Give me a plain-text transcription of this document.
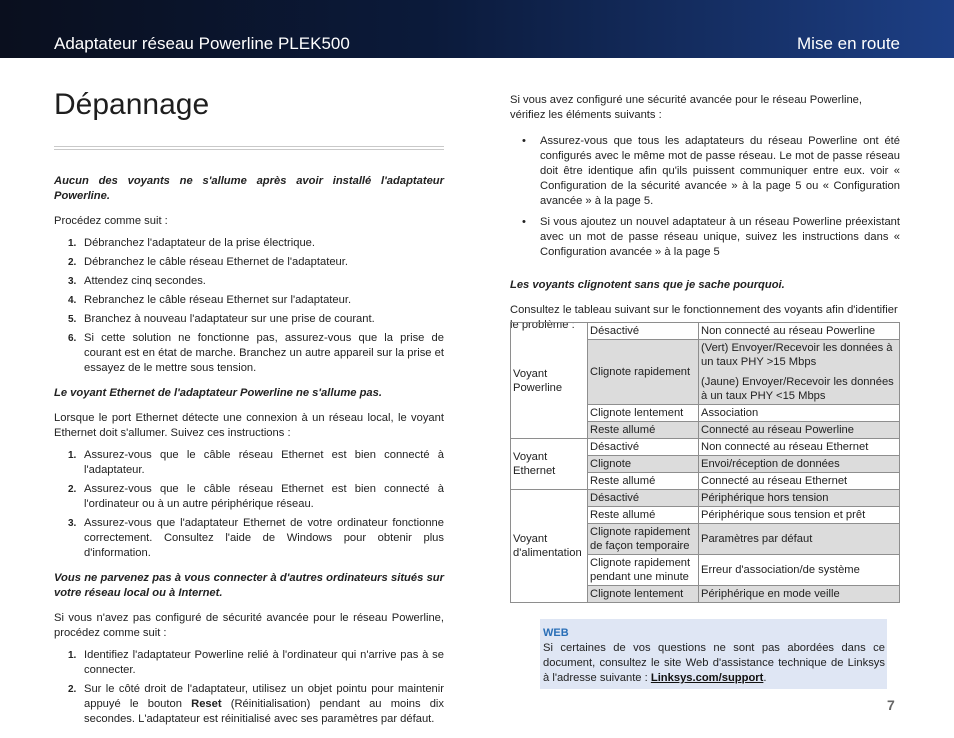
Adaptateur réseau Powerline PLEK500	Mise en route
Dépannage

Aucun des voyants ne s'allume après avoir installé l'adaptateur Powerline.

Procédez comme suit :

1. Débranchez l'adaptateur de la prise électrique.
2. Débranchez le câble réseau Ethernet de l'adaptateur.
3. Attendez cinq secondes.
4. Rebranchez le câble réseau Ethernet sur l'adaptateur.
5. Branchez à nouveau l'adaptateur sur une prise de courant.
6. Si cette solution ne fonctionne pas, assurez-vous que la prise de courant est en état de marche. Branchez un autre appareil sur la prise et essayez de le mettre sous tension.

Le voyant Ethernet de l'adaptateur Powerline ne s'allume pas.

Lorsque le port Ethernet détecte une connexion à un réseau local, le voyant Ethernet doit s'allumer. Suivez ces instructions :

1. Assurez-vous que le câble réseau Ethernet est bien connecté à l'adaptateur.
2. Assurez-vous que le câble réseau Ethernet est bien connecté à l'ordinateur ou à un autre périphérique réseau.
3. Assurez-vous que l'adaptateur Ethernet de votre ordinateur fonctionne correctement. Consultez l'aide de Windows pour obtenir plus d'information.

Vous ne parvenez pas à vous connecter à d'autres ordinateurs situés sur votre réseau local ou à Internet.

Si vous n'avez pas configuré de sécurité avancée pour le réseau Powerline, procédez comme suit :

1. Identifiez l'adaptateur Powerline relié à l'ordinateur qui n'arrive pas à se connecter.
2. Sur le côté droit de l'adaptateur, utilisez un objet pointu pour maintenir appuyé le bouton Reset (Réinitialisation) pendant au moins dix secondes. L'adaptateur est réinitialisé avec ses paramètres par défaut.

Si vous avez configuré une sécurité avancée pour le réseau Powerline, vérifiez les éléments suivants :

• Assurez-vous que tous les adaptateurs du réseau Powerline ont été configurés avec le même mot de passe réseau. Le mot de passe réseau doit être identique afin qu'ils puissent communiquer entre eux. voir « Configuration de la sécurité avancée » à la page 5 ou « Configuration avancée » à la page 5.
• Si vous ajoutez un nouvel adaptateur à un réseau Powerline préexistant avec un mot de passe réseau unique, suivez les instructions dans « Configuration avancée » à la page 5

Les voyants clignotent sans que je sache pourquoi.

Consultez le tableau suivant sur le fonctionnement des voyants afin d'identifier le problème :

Voyant Powerline	Désactivé	Non connecté au réseau Powerline
	Clignote rapidement	(Vert) Envoyer/Recevoir les données à un taux PHY >15 Mbps

(Jaune) Envoyer/Recevoir les données à un taux PHY <15 Mbps

	Clignote lentement	Association
	Reste allumé	Connecté au réseau Powerline
Voyant Ethernet	Désactivé	Non connecté au réseau Ethernet
	Clignote	Envoi/réception de données
	Reste allumé	Connecté au réseau Ethernet
Voyant d'alimentation	Désactivé	Périphérique hors tension
	Reste allumé	Périphérique sous tension et prêt
	Clignote rapidement de façon temporaire	Paramètres par défaut
	Clignote rapidement pendant une minute	Erreur d'association/de système
	Clignote lentement	Périphérique en mode veille
WEB

Si certaines de vos questions ne sont pas abordées dans ce document, consultez le site Web d'assistance technique de Linksys à l'adresse suivante : Linksys.com/support.

7
